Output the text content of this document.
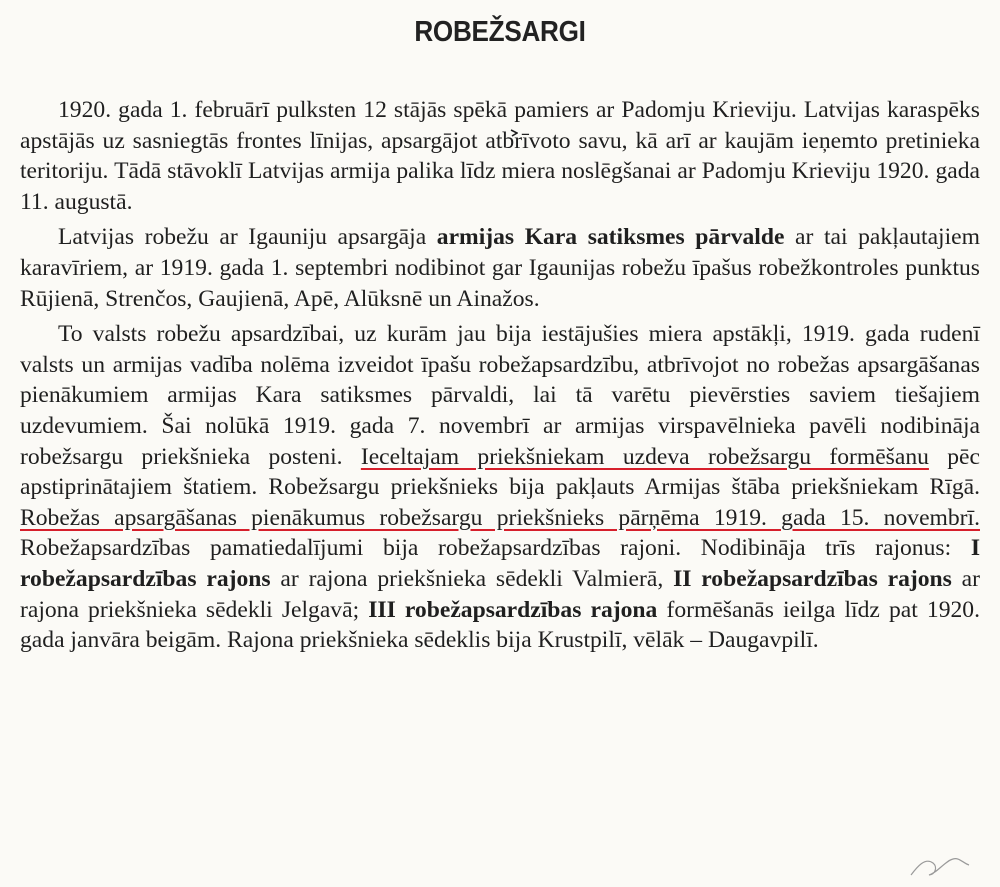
ROBEŽSARGI

1920. gada 1. februārī pulksten 12 stājās spēkā pamiers ar Padomju Krieviju. Latvijas karaspēks apstājās uz sasniegtās frontes līnijas, apsargājot atbrīvoto savu, kā arī ar kaujām ieņemto pretinieka teritoriju. Tādā stāvoklī Latvijas armija palika līdz miera noslēgšanai ar Padomju Krieviju 1920. gada 11. augustā.

Latvijas robežu ar Igauniju apsargāja armijas Kara satiksmes pārvalde ar tai pakļautajiem karavīriem, ar 1919. gada 1. septembri nodibinot gar Igaunijas robežu īpašus robežkontroles punktus Rūjienā, Strenčos, Gaujienā, Apē, Alūksnē un Ainažos.

To valsts robežu apsardzībai, uz kurām jau bija iestājušies miera apstākļi, 1919. gada rudenī valsts un armijas vadība nolēma izveidot īpašu robežapsardzību, atbrīvojot no robežas apsargāšanas pienākumiem armijas Kara satiksmes pārvaldi, lai tā varētu pievērsties saviem tiešajiem uzdevumiem. Šai nolūkā 1919. gada 7. novembrī ar armijas virspavēlnieka pavēli nodibināja robežsargu priekšnieka posteni. Ieceltajam priekšniekam uzdeva robežsargu formēšanu pēc apstiprinātajiem štatiem. Robežsargu priekšnieks bija pakļauts Armijas štāba priekšniekam Rīgā. Robežas apsargāšanas pienākumus robežsargu priekšnieks pārņēma 1919. gada 15. novembrī. Robežapsardzības pamatiedalījumi bija robežapsardzības rajoni. Nodibināja trīs rajonus: I robežapsardzības rajons ar rajona priekšnieka sēdekli Valmierā, II robežapsardzības rajons ar rajona priekšnieka sēdekli Jelgavā; III robežapsardzības rajona formēšanās ieilga līdz pat 1920. gada janvāra beigām. Rajona priekšnieka sēdeklis bija Krustpilī, vēlāk – Daugavpilī.
